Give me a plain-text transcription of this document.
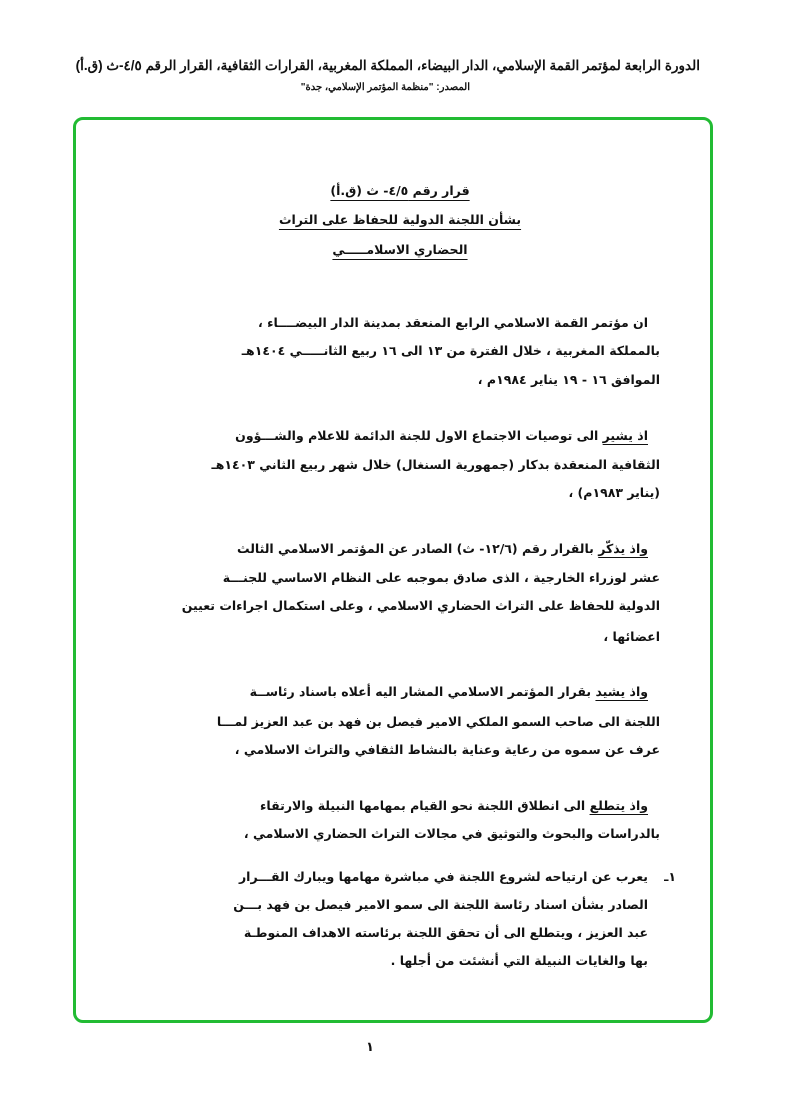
الدورة الرابعة لمؤتمر القمة الإسلامي، الدار البيضاء، المملكة المغربية، القرارات الثقافية، القرار الرقم ٤/٥-ث (ق.أ)
المصدر: "منظمة المؤتمر الإسلامي، جدة"
قرار رقم ٤/٥- ث (ق.أ)
بشأن اللجنة الدولية للحفاظ على التراث
الحضاري الاسلامـــــي
ان مؤتمر القمة الاسلامي الرابع المنعقد بمدينة الدار البيضــــاء ،
بالمملكة المغربية ، خلال الفترة من ١٣ الى ١٦ ربيع الثانـــــي ١٤٠٤هـ
الموافق ١٦ - ١٩ يناير ١٩٨٤م ،
اذ يشير الى توصيات الاجتماع الاول للجنة الدائمة للاعلام والشـــؤون
الثقافية المنعقدة بدكار (جمهورية السنغال) خلال شهر ربيع الثاني ١٤٠٣هـ
(يناير ١٩٨٣م) ،
واذ يذكّر بالقرار رقم (١٢/٦- ث) الصادر عن المؤتمر الاسلامي الثالث
عشر لوزراء الخارجية ، الذى صادق بموجبه على النظام الاساسي للجنـــة
الدولية للحفاظ على التراث الحضاري الاسلامي ، وعلى استكمال اجراءات تعيين
اعضائها ،
واذ يشيد بقرار المؤتمر الاسلامي المشار اليه أعلاه باسناد رئاســة
اللجنة الى صاحب السمو الملكي الامير فيصل بن فهد بن عبد العزيز لمـــا
عرف عن سموه من رعاية وعناية بالنشاط الثقافي والتراث الاسلامي ،
واذ يتطلع الى انطلاق اللجنة نحو القيام بمهامها النبيلة والارتقاء
بالدراسات والبحوث والتوثيق في مجالات التراث الحضاري الاسلامي ،
١ـ
يعرب عن ارتياحه لشروع اللجنة في مباشرة مهامها ويبارك القـــرار
الصادر بشأن اسناد رئاسة اللجنة الى سمو الامير فيصل بن فهد بـــن
عبد العزيز ، ويتطلع الى أن تحقق اللجنة برئاسته الاهداف المنوطـة
بها والغايات النبيلة التي أنشئت من أجلها .
١
